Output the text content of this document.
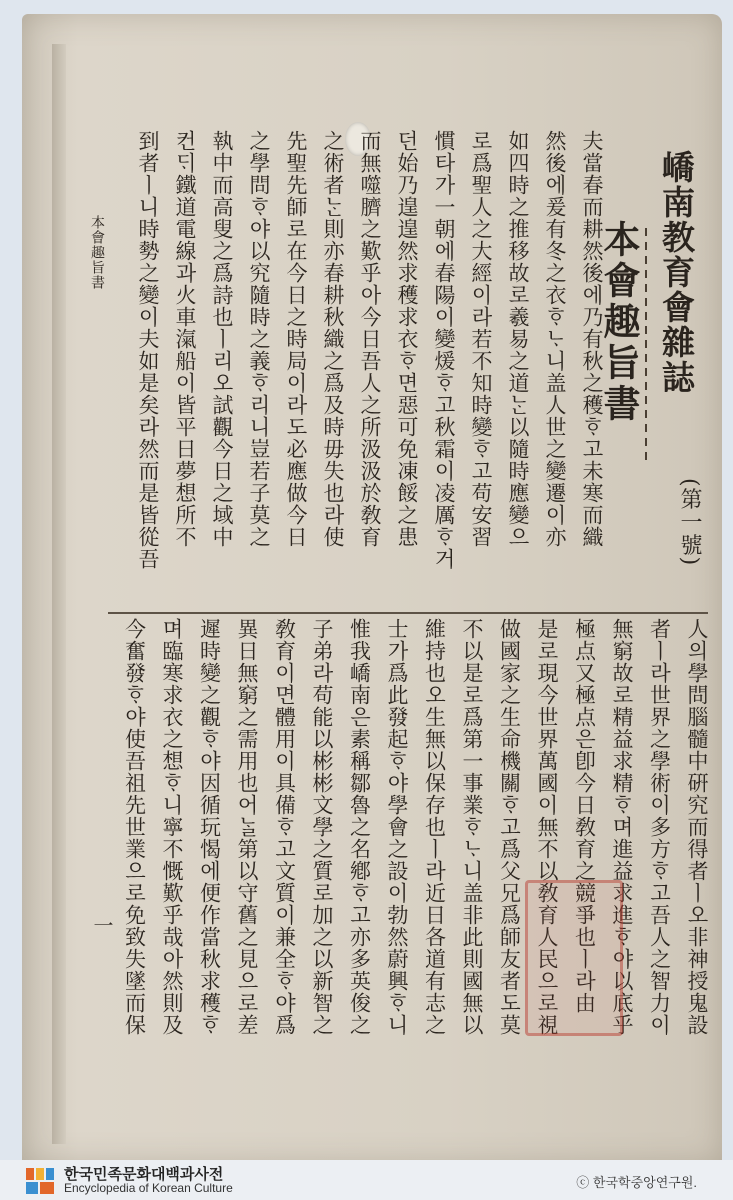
嶠南教育會雜誌
(第一號)
本會趣旨書
夫當春而耕然後에乃有秋之穫ᄒᆞ고未寒而織
然後에爰有冬之衣ᄒᆞᄂᆞ니盖人世之變遷이亦
如四時之推移故로羲易之道ᄂᆞᆫ以隨時應變으
로爲聖人之大經이라若不知時變ᄒᆞ고苟安習
慣타가一朝에春陽이變煖ᄒᆞ고秋霜이凌厲ᄒᆞ거
던始乃遑遑然求穫求衣ᄒᆞ면惡可免凍餒之患
而無噬臍之歎乎아今日吾人之所汲汲於敎育
之術者ᄂᆞᆫ則亦春耕秋織之爲及時毋失也라使
先聖先師로在今日之時局이라도必應做今日
之學問ᄒᆞ야以究隨時之義ᄒᆞ리니豈若子莫之
執中而高叟之爲詩也ㅣ리오試觀今日之域中
컨ᄃᆡ鐵道電線과火車滊船이皆平日夢想所不
到者ㅣ니時勢之變이夫如是矣라然而是皆從吾
本會趣旨書
人의學問腦髓中硏究而得者ㅣ오非神授鬼設
者ㅣ라世界之學術이多方ᄒᆞ고吾人之智力이
無窮故로精益求精ᄒᆞ며進益求進ᄒᆞ야以底乎
極点又極点은卽今日敎育之競爭也ㅣ라由
是로現今世界萬國이無不以敎育人民으로視
做國家之生命機關ᄒᆞ고爲父兄爲師友者도莫
不以是로爲第一事業ᄒᆞᄂᆞ니盖非此則國無以
維持也오生無以保存也ㅣ라近日各道有志之
士가爲此發起ᄒᆞ야學會之設이勃然蔚興ᄒᆞ니
惟我嶠南은素稱鄒魯之名鄕ᄒᆞ고亦多英俊之
子弟라苟能以彬彬文學之質로加之以新智之
敎育이면體用이具備ᄒᆞ고文質이兼全ᄒᆞ야爲
異日無窮之需用也어ᄂᆞᆯ第以守舊之見으로差
遲時變之觀ᄒᆞ야因循玩愒에便作當秋求穫ᄒᆞ
며臨寒求衣之想ᄒᆞ니寧不慨歎乎哉아然則及
今奮發ᄒᆞ야使吾祖先世業으로免致失墜而保
一
한국민족문화대백과사전
Encyclopedia of Korean Culture	ⓒ 한국학중앙연구원.
